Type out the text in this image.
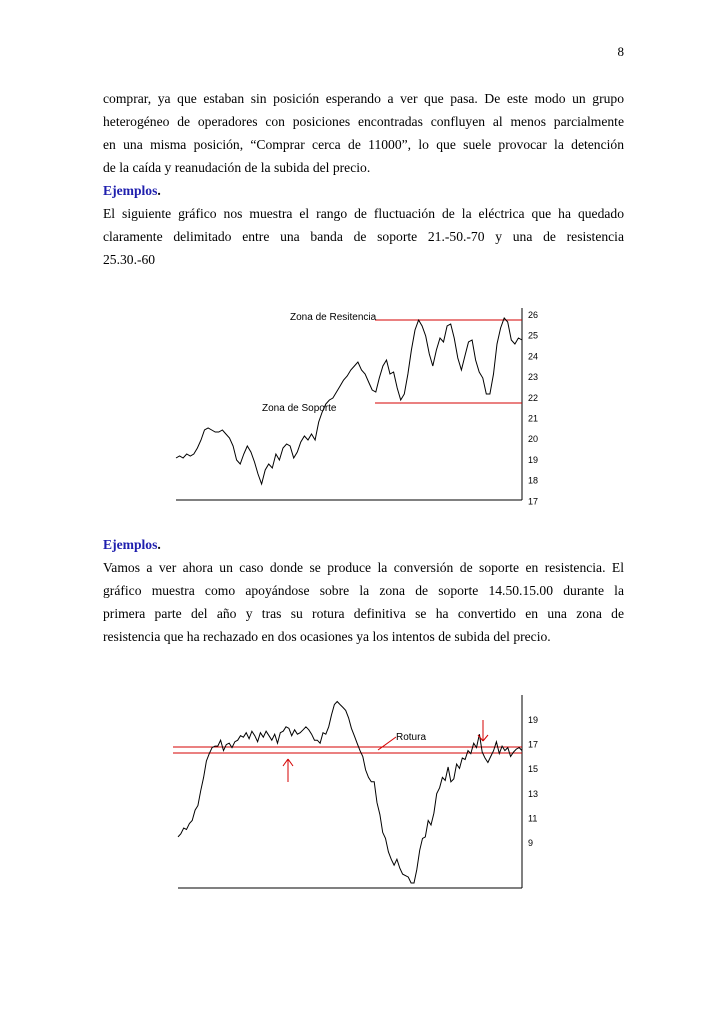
8
comprar, ya que estaban sin posición esperando a ver que pasa. De este modo un grupo
heterogéneo de operadores con posiciones encontradas confluyen al menos parcialmente
en una misma posición, “Comprar cerca de 11000”, lo que suele provocar la detención
de la caída y reanudación de la subida del precio.
Ejemplos.
El siguiente gráfico nos muestra el rango de fluctuación de la eléctrica que ha quedado
claramente delimitado entre una banda de soporte 21.-50.-70 y una de resistencia
25.30.-60
Zona de Resitencia
Zona de Soporte
26
25
24
23
22
21
20
19
18
17
Ejemplos.
Vamos a ver ahora un caso donde se produce la conversión de soporte en resistencia. El
gráfico muestra como apoyándose sobre la zona de soporte 14.50.15.00 durante la
primera parte del año y tras su rotura definitiva se ha convertido en una zona de
resistencia que ha rechazado en dos ocasiones ya los intentos de subida del precio.
Rotura
19
17
15
13
11
9
